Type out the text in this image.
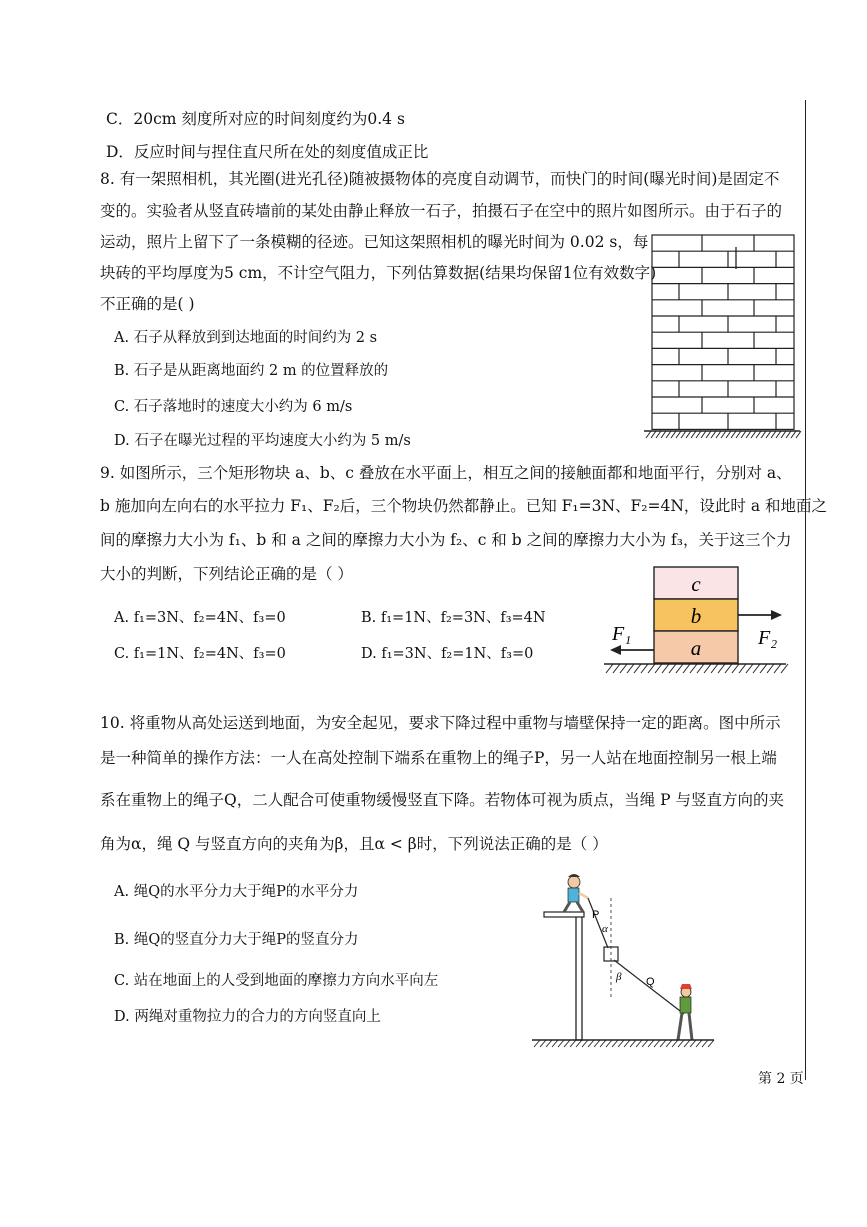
C．20cm 刻度所对应的时间刻度约为0.4 s
D．反应时间与捏住直尺所在处的刻度值成正比
8. 有一架照相机，其光圈(进光孔径)随被摄物体的亮度自动调节，而快门的时间(曝光时间)是固定不
变的。实验者从竖直砖墙前的某处由静止释放一石子，拍摄石子在空中的照片如图所示。由于石子的
运动，照片上留下了一条模糊的径迹。已知这架照相机的曝光时间为 0.02 s，每
块砖的平均厚度为5 cm，不计空气阻力，下列估算数据(结果均保留1位有效数字)
不正确的是( )
A. 石子从释放到到达地面的时间约为 2 s
B. 石子是从距离地面约 2 m 的位置释放的
C. 石子落地时的速度大小约为 6 m/s
D. 石子在曝光过程的平均速度大小约为 5 m/s
9. 如图所示，三个矩形物块 a、b、c 叠放在水平面上，相互之间的接触面都和地面平行，分别对 a、
b 施加向左向右的水平拉力 F₁、F₂后，三个物块仍然都静止。已知 F₁=3N、F₂=4N，设此时 a 和地面之
间的摩擦力大小为 f₁、b 和 a 之间的摩擦力大小为 f₂、c 和 b 之间的摩擦力大小为 f₃，关于这三个力
大小的判断，下列结论正确的是（ ）
A. f₁=3N、f₂=4N、f₃=0	B. f₁=1N、f₂=3N、f₃=4N
C. f₁=1N、f₂=4N、f₃=0	D. f₁=3N、f₂=1N、f₃=0
c
b
a
F₁	F₂
10. 将重物从高处运送到地面，为安全起见，要求下降过程中重物与墙壁保持一定的距离。图中所示
是一种简单的操作方法：一人在高处控制下端系在重物上的绳子P，另一人站在地面控制另一根上端
系在重物上的绳子Q，二人配合可使重物缓慢竖直下降。若物体可视为质点，当绳 P 与竖直方向的夹
角为α，绳 Q 与竖直方向的夹角为β，且α < β时，下列说法正确的是（ ）
A. 绳Q的水平分力大于绳P的水平分力
B. 绳Q的竖直分力大于绳P的竖直分力
C. 站在地面上的人受到地面的摩擦力方向水平向左
D. 两绳对重物拉力的合力的方向竖直向上
P
α
β Q
第 2 页
